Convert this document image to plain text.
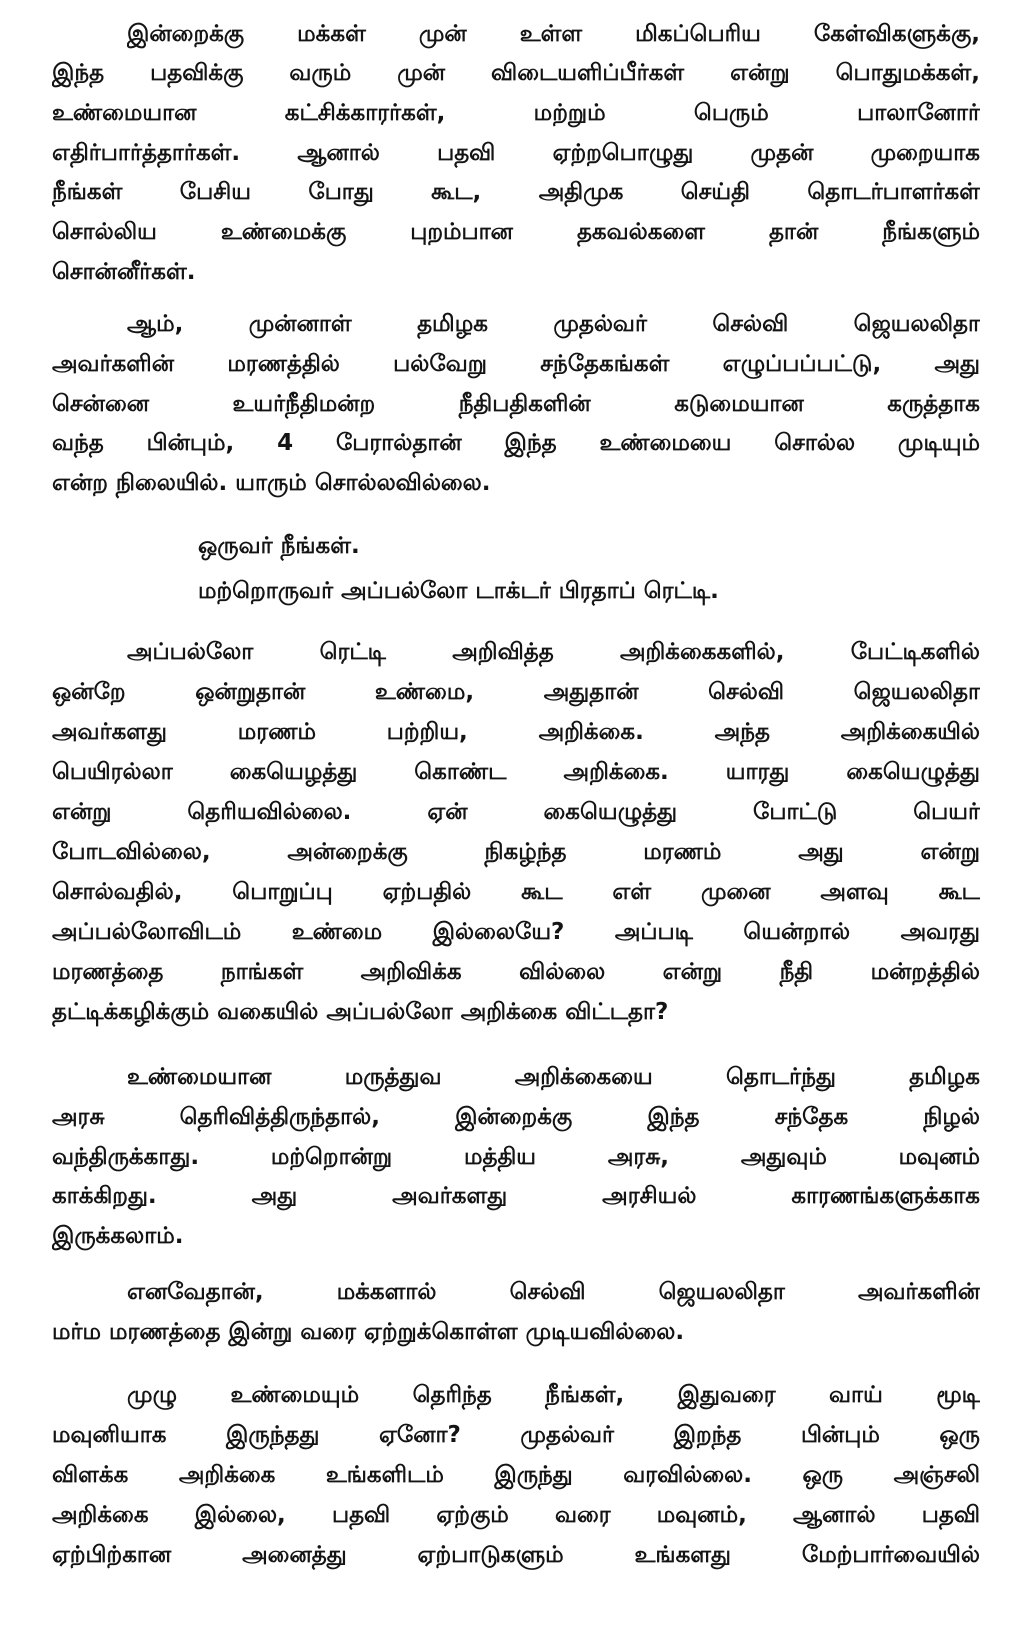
இன்றைக்கு மக்கள் முன் உள்ள மிகப்பெரிய கேள்விகளுக்கு,
இந்த பதவிக்கு வரும் முன் விடையளிப்பீர்கள் என்று பொதுமக்கள்,
உண்மையான கட்சிக்காரர்கள், மற்றும் பெரும் பாலானோர்
எதிர்பார்த்தார்கள். ஆனால் பதவி ஏற்றபொழுது முதன் முறையாக
நீங்கள் பேசிய போது கூட, அதிமுக செய்தி தொடர்பாளர்கள்
சொல்லிய உண்மைக்கு புறம்பான தகவல்களை தான் நீங்களும்
சொன்னீர்கள்.
ஆம், முன்னாள் தமிழக முதல்வர் செல்வி ஜெயலலிதா
அவர்களின் மரணத்தில் பல்வேறு சந்தேகங்கள் எழுப்பப்பட்டு, அது
சென்னை உயர்நீதிமன்ற நீதிபதிகளின் கடுமையான கருத்தாக
வந்த பின்பும், 4 பேரால்தான் இந்த உண்மையை சொல்ல முடியும்
என்ற நிலையில். யாரும் சொல்லவில்லை.
ஒருவர் நீங்கள்.
மற்றொருவர் அப்பல்லோ டாக்டர் பிரதாப் ரெட்டி.
அப்பல்லோ ரெட்டி அறிவித்த அறிக்கைகளில், பேட்டிகளில்
ஒன்றே ஒன்றுதான் உண்மை, அதுதான் செல்வி ஜெயலலிதா
அவர்களது மரணம் பற்றிய, அறிக்கை. அந்த அறிக்கையில்
பெயிரல்லா கையெழத்து கொண்ட அறிக்கை. யாரது கையெழுத்து
என்று தெரியவில்லை. ஏன் கையெழுத்து போட்டு பெயர்
போடவில்லை, அன்றைக்கு நிகழ்ந்த மரணம் அது என்று
சொல்வதில், பொறுப்பு ஏற்பதில் கூட எள் முனை அளவு கூட
அப்பல்லோவிடம் உண்மை இல்லையே? அப்படி யென்றால் அவரது
மரணத்தை நாங்கள் அறிவிக்க வில்லை என்று நீதி மன்றத்தில்
தட்டிக்கழிக்கும் வகையில் அப்பல்லோ அறிக்கை விட்டதா?
உண்மையான மருத்துவ அறிக்கையை தொடர்ந்து தமிழக
அரசு தெரிவித்திருந்தால், இன்றைக்கு இந்த சந்தேக நிழல்
வந்திருக்காது. மற்றொன்று மத்திய அரசு, அதுவும் மவுனம்
காக்கிறது. அது அவர்களது அரசியல் காரணங்களுக்காக
இருக்கலாம்.
எனவேதான், மக்களால் செல்வி ஜெயலலிதா அவர்களின்
மர்ம மரணத்தை இன்று வரை ஏற்றுக்கொள்ள முடியவில்லை.
முழு உண்மையும் தெரிந்த நீங்கள், இதுவரை வாய் மூடி
மவுனியாக இருந்தது ஏனோ? முதல்வர் இறந்த பின்பும் ஒரு
விளக்க அறிக்கை உங்களிடம் இருந்து வரவில்லை. ஒரு அஞ்சலி
அறிக்கை இல்லை, பதவி ஏற்கும் வரை மவுனம், ஆனால் பதவி
ஏற்பிற்கான அனைத்து ஏற்பாடுகளும் உங்களது மேற்பார்வையில்
